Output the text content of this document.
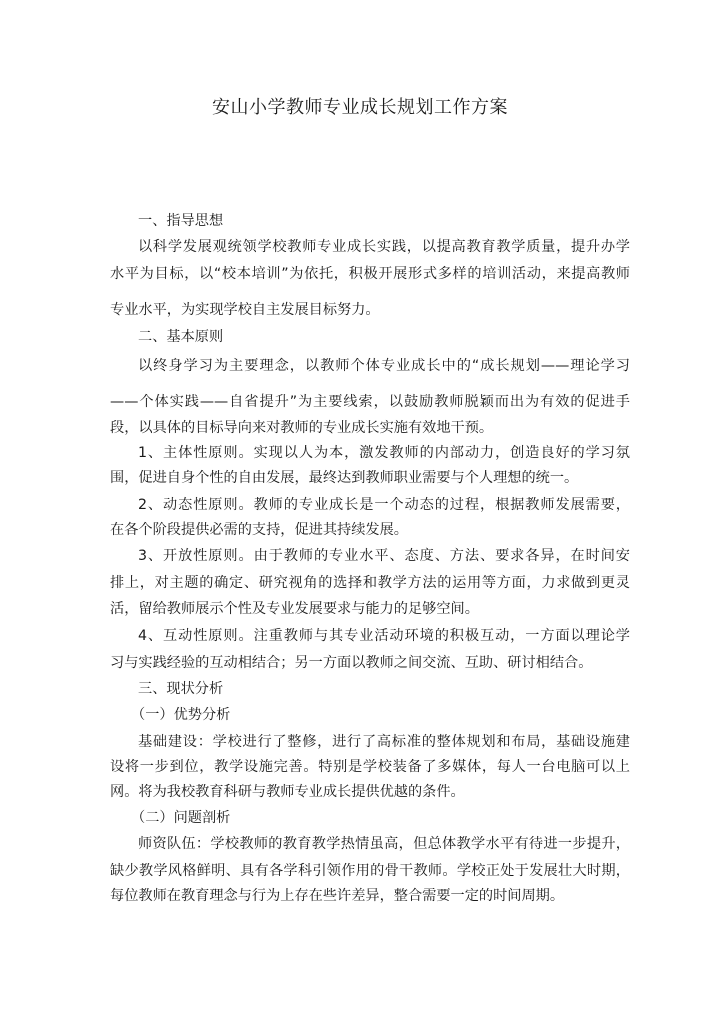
安山小学教师专业成长规划工作方案
一、指导思想
以科学发展观统领学校教师专业成长实践，以提高教育教学质量，提升办学
水平为目标，以“校本培训”为依托，积极开展形式多样的培训活动，来提高教师
专业水平，为实现学校自主发展目标努力。
二、基本原则
以终身学习为主要理念，以教师个体专业成长中的“成长规划——理论学习
——个体实践——自省提升”为主要线索，以鼓励教师脱颖而出为有效的促进手
段，以具体的目标导向来对教师的专业成长实施有效地干预。
1、主体性原则。实现以人为本，激发教师的内部动力，创造良好的学习氛
围，促进自身个性的自由发展，最终达到教师职业需要与个人理想的统一。
2、动态性原则。教师的专业成长是一个动态的过程，根据教师发展需要，
在各个阶段提供必需的支持，促进其持续发展。
3、开放性原则。由于教师的专业水平、态度、方法、要求各异，在时间安
排上，对主题的确定、研究视角的选择和教学方法的运用等方面，力求做到更灵
活，留给教师展示个性及专业发展要求与能力的足够空间。
4、互动性原则。注重教师与其专业活动环境的积极互动，一方面以理论学
习与实践经验的互动相结合；另一方面以教师之间交流、互助、研讨相结合。
三、现状分析
（一）优势分析
基础建设：学校进行了整修，进行了高标准的整体规划和布局，基础设施建
设将一步到位，教学设施完善。特别是学校装备了多媒体，每人一台电脑可以上
网。将为我校教育科研与教师专业成长提供优越的条件。
（二）问题剖析
师资队伍：学校教师的教育教学热情虽高，但总体教学水平有待进一步提升，
缺少教学风格鲜明、具有各学科引领作用的骨干教师。学校正处于发展壮大时期，
每位教师在教育理念与行为上存在些许差异，整合需要一定的时间周期。
